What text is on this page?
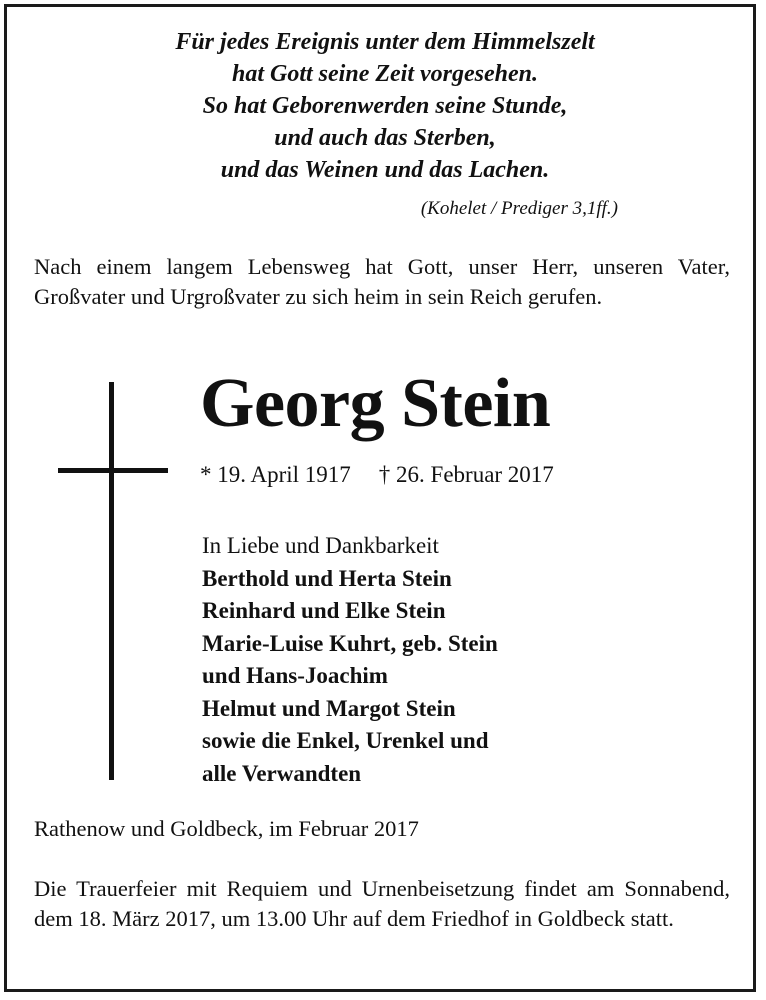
Für jedes Ereignis unter dem Himmelszelt
hat Gott seine Zeit vorgesehen.
So hat Geborenwerden seine Stunde,
und auch das Sterben,
und das Weinen und das Lachen.
(Kohelet / Prediger 3,1ff.)
Nach einem langem Lebensweg hat Gott, unser Herr, unseren Vater, Großvater und Urgroßvater zu sich heim in sein Reich gerufen.
Georg Stein
* 19. April 1917 † 26. Februar 2017
In Liebe und Dankbarkeit
Berthold und Herta Stein
Reinhard und Elke Stein
Marie-Luise Kuhrt, geb. Stein
und Hans-Joachim
Helmut und Margot Stein
sowie die Enkel, Urenkel und
alle Verwandten
Rathenow und Goldbeck, im Februar 2017
Die Trauerfeier mit Requiem und Urnenbeisetzung findet am Sonnabend, dem 18. März 2017, um 13.00 Uhr auf dem Friedhof in Goldbeck statt.
